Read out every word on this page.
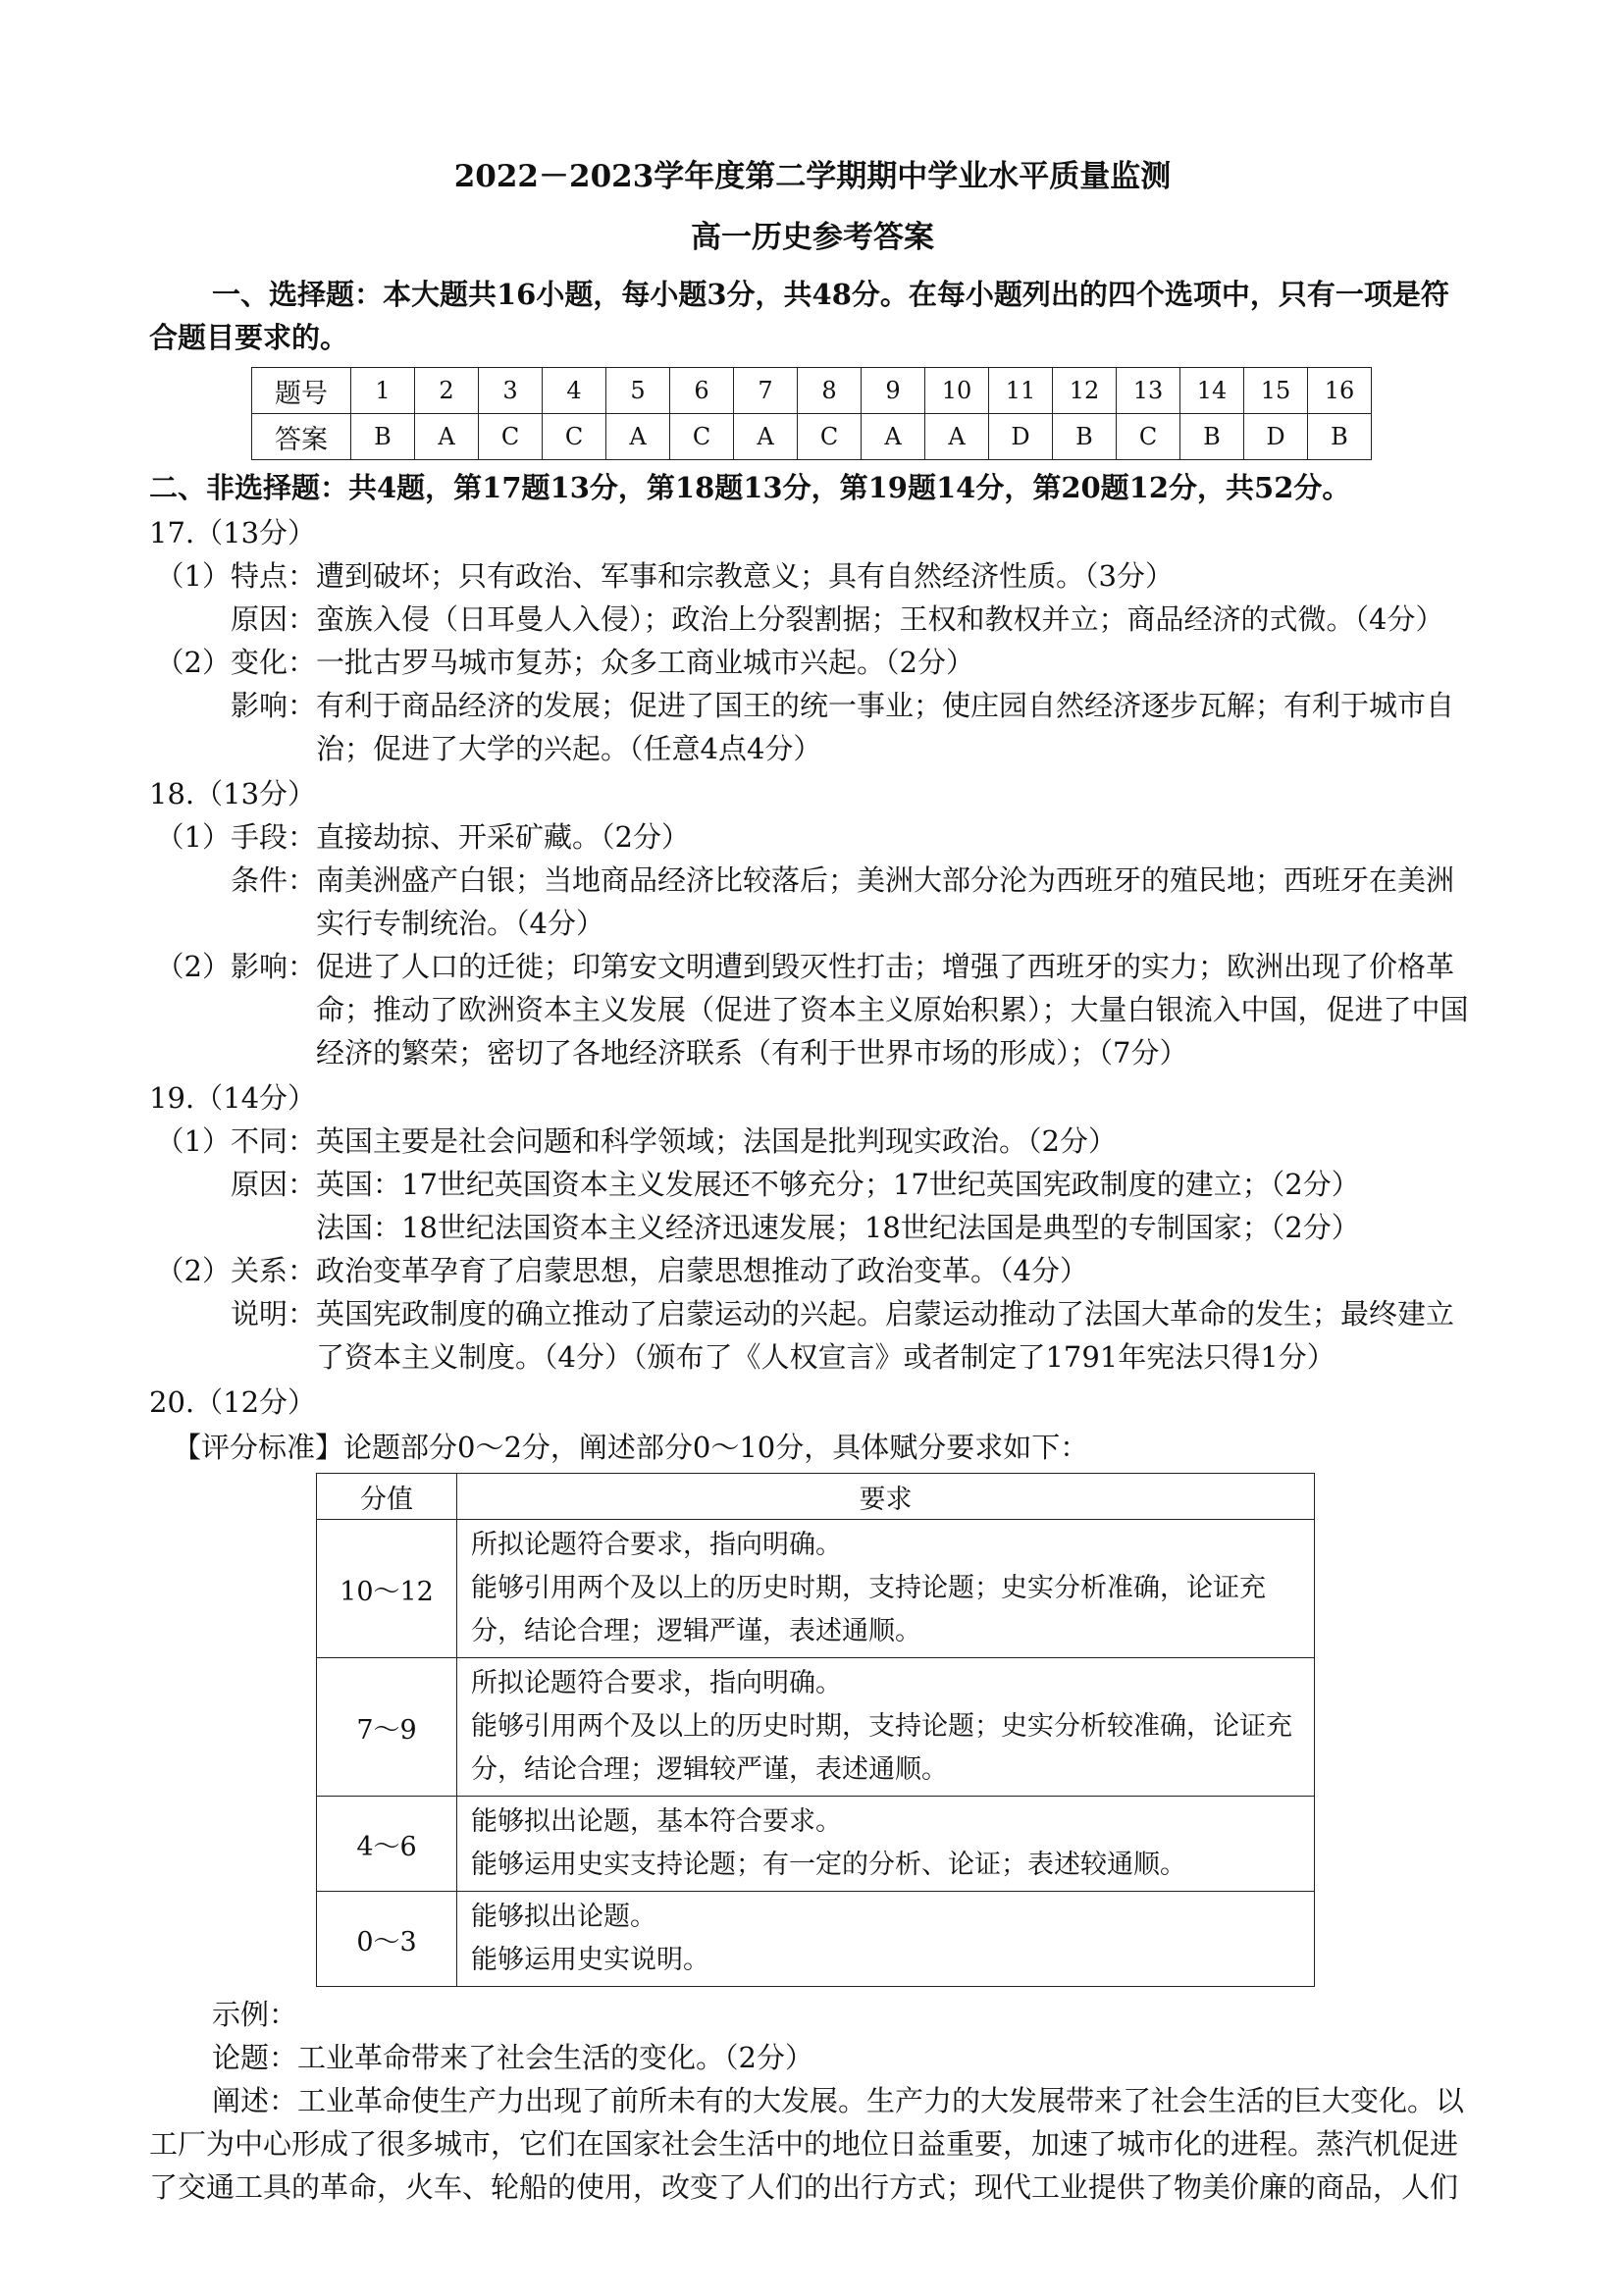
2022－2023学年度第二学期期中学业水平质量监测
高一历史参考答案
一、选择题：本大题共16小题，每小题3分，共48分。在每小题列出的四个选项中，只有一项是符合题目要求的。
题号	1	2	3	4	5	6	7	8	9	10	11	12	13	14	15	16
答案	B	A	C	C	A	C	A	C	A	A	D	B	C	B	D	B
二、非选择题：共4题，第17题13分，第18题13分，第19题14分，第20题12分，共52分。
17.（13分）
（1）特点： 遭到破坏；只有政治、军事和宗教意义；具有自然经济性质。（3分）
原因： 蛮族入侵（日耳曼人入侵）；政治上分裂割据；王权和教权并立；商品经济的式微。（4分）
（2）变化： 一批古罗马城市复苏；众多工商业城市兴起。（2分）
影响： 有利于商品经济的发展；促进了国王的统一事业；使庄园自然经济逐步瓦解；有利于城市自治；促进了大学的兴起。（任意4点4分）
18.（13分）
（1）手段： 直接劫掠、开采矿藏。（2分）
条件： 南美洲盛产白银；当地商品经济比较落后；美洲大部分沦为西班牙的殖民地；西班牙在美洲实行专制统治。（4分）
（2）影响： 促进了人口的迁徙；印第安文明遭到毁灭性打击；增强了西班牙的实力；欧洲出现了价格革命；推动了欧洲资本主义发展（促进了资本主义原始积累）；大量白银流入中国，促进了中国经济的繁荣；密切了各地经济联系（有利于世界市场的形成）；（7分）
19.（14分）
（1）不同： 英国主要是社会问题和科学领域；法国是批判现实政治。（2分）
原因： 英国：17世纪英国资本主义发展还不够充分；17世纪英国宪政制度的建立；（2分）
法国：18世纪法国资本主义经济迅速发展；18世纪法国是典型的专制国家；（2分）
（2）关系： 政治变革孕育了启蒙思想，启蒙思想推动了政治变革。（4分）
说明： 英国宪政制度的确立推动了启蒙运动的兴起。启蒙运动推动了法国大革命的发生；最终建立了资本主义制度。（4分）（颁布了《人权宣言》或者制定了1791年宪法只得1分）
20.（12分）
【评分标准】论题部分0～2分，阐述部分0～10分，具体赋分要求如下：
分值	要求
10～12	所拟论题符合要求，指向明确。
能够引用两个及以上的历史时期，支持论题；史实分析准确，论证充分，结论合理；逻辑严谨，表述通顺。

7～9	所拟论题符合要求，指向明确。
能够引用两个及以上的历史时期，支持论题；史实分析较准确，论证充分，结论合理；逻辑较严谨，表述通顺。

4～6	能够拟出论题，基本符合要求。
能够运用史实支持论题；有一定的分析、论证；表述较通顺。

0～3	能够拟出论题。
能够运用史实说明。
示例：
论题：工业革命带来了社会生活的变化。（2分）
阐述：工业革命使生产力出现了前所未有的大发展。生产力的大发展带来了社会生活的巨大变化。以工厂为中心形成了很多城市，它们在国家社会生活中的地位日益重要，加速了城市化的进程。蒸汽机促进了交通工具的革命，火车、轮船的使用，改变了人们的出行方式；现代工业提供了物美价廉的商品，人们
